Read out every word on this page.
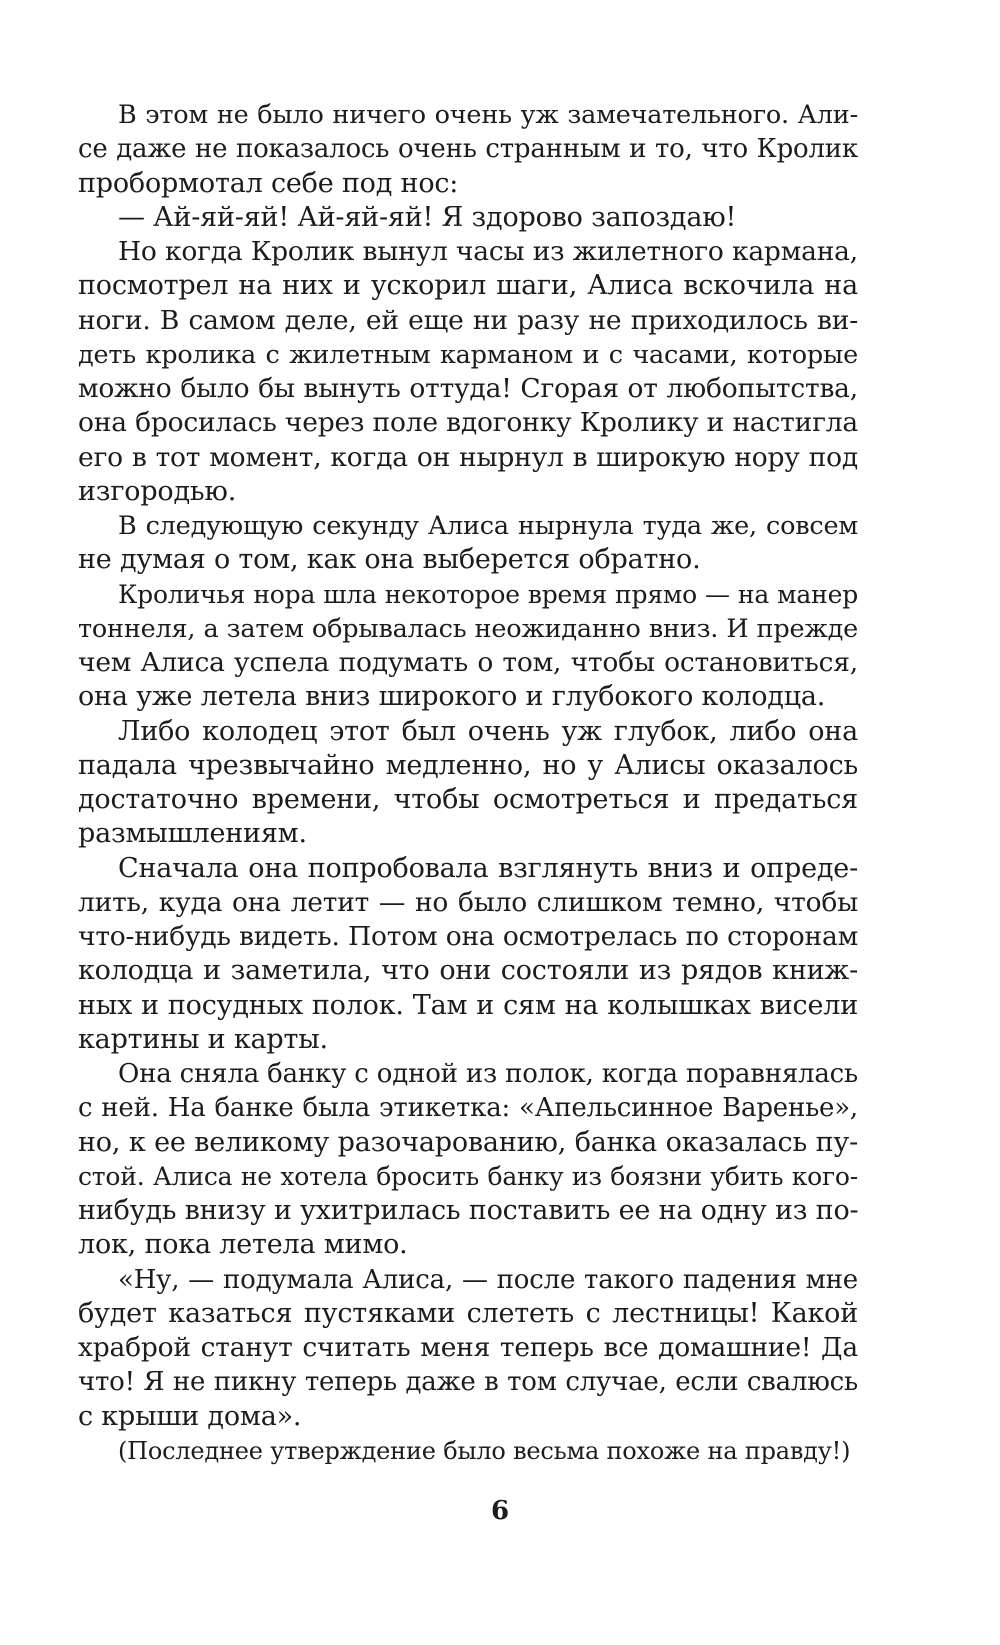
В этом не было ничего очень уж замечательного. Али-
се даже не показалось очень странным и то, что Кролик
пробормотал себе под нос:
— Ай-яй-яй! Ай-яй-яй! Я здорово запоздаю!
Но когда Кролик вынул часы из жилетного кармана,
посмотрел на них и ускорил шаги, Алиса вскочила на
ноги. В самом деле, ей еще ни разу не приходилось ви-
деть кролика с жилетным карманом и с часами, которые
можно было бы вынуть оттуда! Сгорая от любопытства,
она бросилась через поле вдогонку Кролику и настигла
его в тот момент, когда он нырнул в широкую нору под
изгородью.
В следующую секунду Алиса нырнула туда же, совсем
не думая о том, как она выберется обратно.
Кроличья нора шла некоторое время прямо — на манер
тоннеля, а затем обрывалась неожиданно вниз. И прежде
чем Алиса успела подумать о том, чтобы остановиться,
она уже летела вниз широкого и глубокого колодца.
Либо колодец этот был очень уж глубок, либо она
падала чрезвычайно медленно, но у Алисы оказалось
достаточно времени, чтобы осмотреться и предаться
размышлениям.
Сначала она попробовала взглянуть вниз и опреде-
лить, куда она летит — но было слишком темно, чтобы
что-нибудь видеть. Потом она осмотрелась по сторонам
колодца и заметила, что они состояли из рядов книж-
ных и посудных полок. Там и сям на колышках висели
картины и карты.
Она сняла банку с одной из полок, когда поравнялась
с ней. На банке была этикетка: «Апельсинное Варенье»,
но, к ее великому разочарованию, банка оказалась пу-
стой. Алиса не хотела бросить банку из боязни убить кого-
нибудь внизу и ухитрилась поставить ее на одну из по-
лок, пока летела мимо.
«Ну, — подумала Алиса, — после такого падения мне
будет казаться пустяками слететь с лестницы! Какой
храброй станут считать меня теперь все домашние! Да
что! Я не пикну теперь даже в том случае, если свалюсь
с крыши дома».
(Последнее утверждение было весьма похоже на правду!)
6
